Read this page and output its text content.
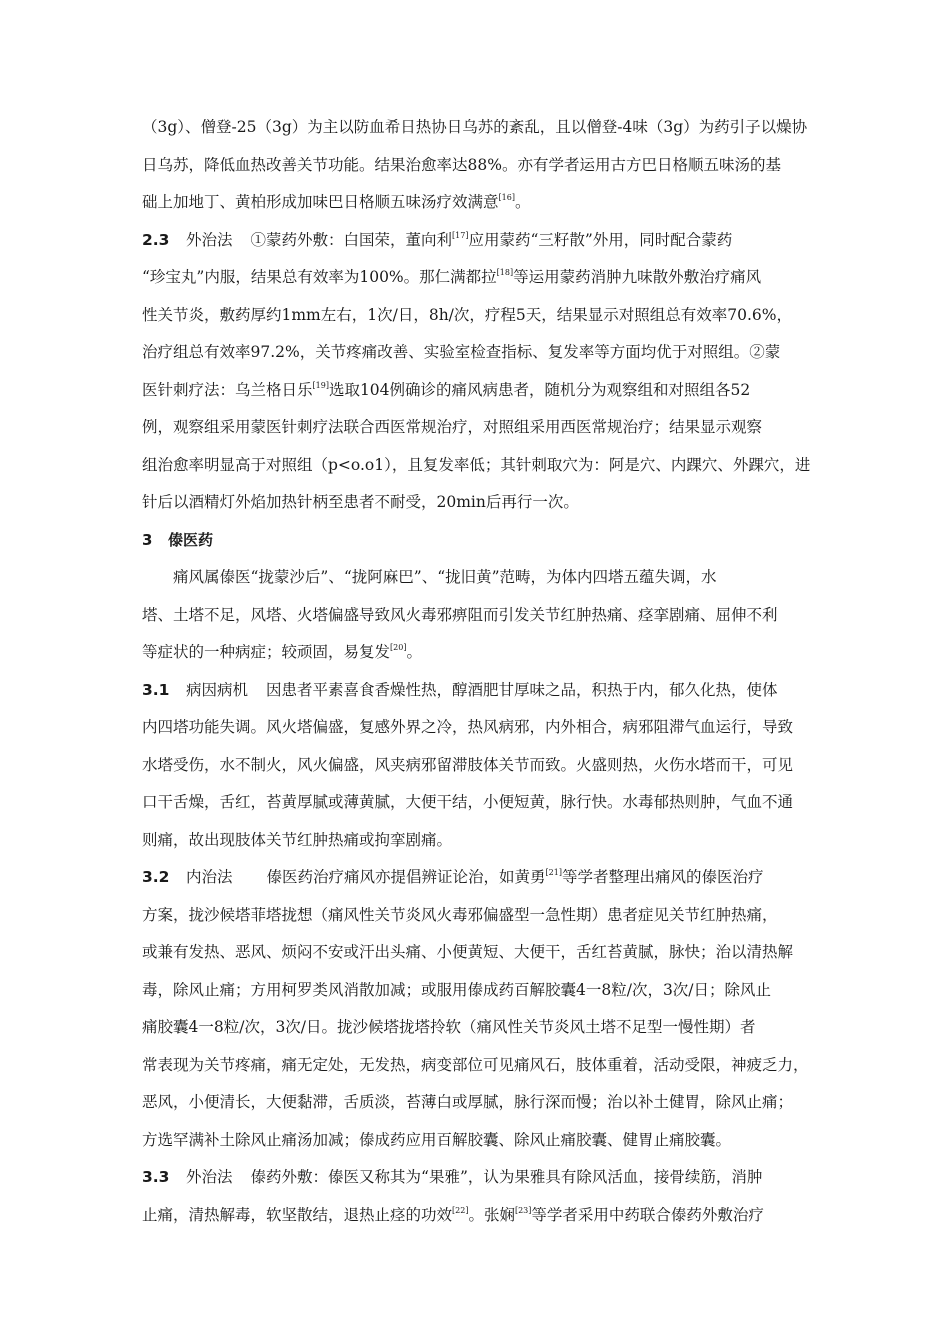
（3g）、僧登-25（3g）为主以防血希日热协日乌苏的紊乱，且以僧登-4味（3g）为药引子以燥协
日乌苏，降低血热改善关节功能。结果治愈率达88%。亦有学者运用古方巴日格顺五味汤的基
础上加地丁、黄柏形成加味巴日格顺五味汤疗效满意[16]。
2.3 外治法 ①蒙药外敷：白国荣，董向利[17]应用蒙药“三籽散”外用，同时配合蒙药
“珍宝丸”内服，结果总有效率为100%。那仁满都拉[18]等运用蒙药消肿九味散外敷治疗痛风
性关节炎，敷药厚约1mm左右，1次/日，8h/次，疗程5天，结果显示对照组总有效率70.6%，
治疗组总有效率97.2%，关节疼痛改善、实验室检查指标、复发率等方面均优于对照组。②蒙
医针刺疗法：乌兰格日乐[19]选取104例确诊的痛风病患者，随机分为观察组和对照组各52
例，观察组采用蒙医针刺疗法联合西医常规治疗，对照组采用西医常规治疗；结果显示观察
组治愈率明显高于对照组（p<o.o1），且复发率低；其针刺取穴为：阿是穴、内踝穴、外踝穴，进
针后以酒精灯外焰加热针柄至患者不耐受，20min后再行一次。
3 傣医药
痛风属傣医“拢蒙沙后”、“拢阿麻巴”、“拢旧黄”范畴，为体内四塔五蕴失调，水
塔、土塔不足，风塔、火塔偏盛导致风火毒邪痹阻而引发关节红肿热痛、痉挛剧痛、屈伸不利
等症状的一种病症；较顽固，易复发[20]。
3.1 病因病机 因患者平素喜食香燥性热，醇酒肥甘厚味之品，积热于内，郁久化热，使体
内四塔功能失调。风火塔偏盛，复感外界之冷，热风病邪，内外相合，病邪阻滞气血运行，导致
水塔受伤，水不制火，风火偏盛，风夹病邪留滞肢体关节而致。火盛则热，火伤水塔而干，可见
口干舌燥，舌红，苔黄厚腻或薄黄腻，大便干结，小便短黄，脉行快。水毒郁热则肿，气血不通
则痛，故出现肢体关节红肿热痛或拘挛剧痛。
3.2 内治法 傣医药治疗痛风亦提倡辨证论治，如黄勇[21]等学者整理出痛风的傣医治疗
方案，拢沙候塔菲塔拢想（痛风性关节炎风火毒邪偏盛型一急性期）患者症见关节红肿热痛，
或兼有发热、恶风、烦闷不安或汗出头痛、小便黄短、大便干，舌红苔黄腻，脉快；治以清热解
毒，除风止痛；方用柯罗类风消散加减；或服用傣成药百解胶囊4一8粒/次，3次/日；除风止
痛胶囊4一8粒/次，3次/日。拢沙候塔拢塔拎软（痛风性关节炎风土塔不足型一慢性期）者
常表现为关节疼痛，痛无定处，无发热，病变部位可见痛风石，肢体重着，活动受限，神疲乏力，
恶风，小便清长，大便黏滞，舌质淡，苔薄白或厚腻，脉行深而慢；治以补土健胃，除风止痛；
方选罕满补土除风止痛汤加减；傣成药应用百解胶囊、除风止痛胶囊、健胃止痛胶囊。
3.3 外治法 傣药外敷：傣医又称其为“果雅”，认为果雅具有除风活血，接骨续筋，消肿
止痛，清热解毒，软坚散结，退热止痉的功效[22]。张娴[23]等学者采用中药联合傣药外敷治疗
